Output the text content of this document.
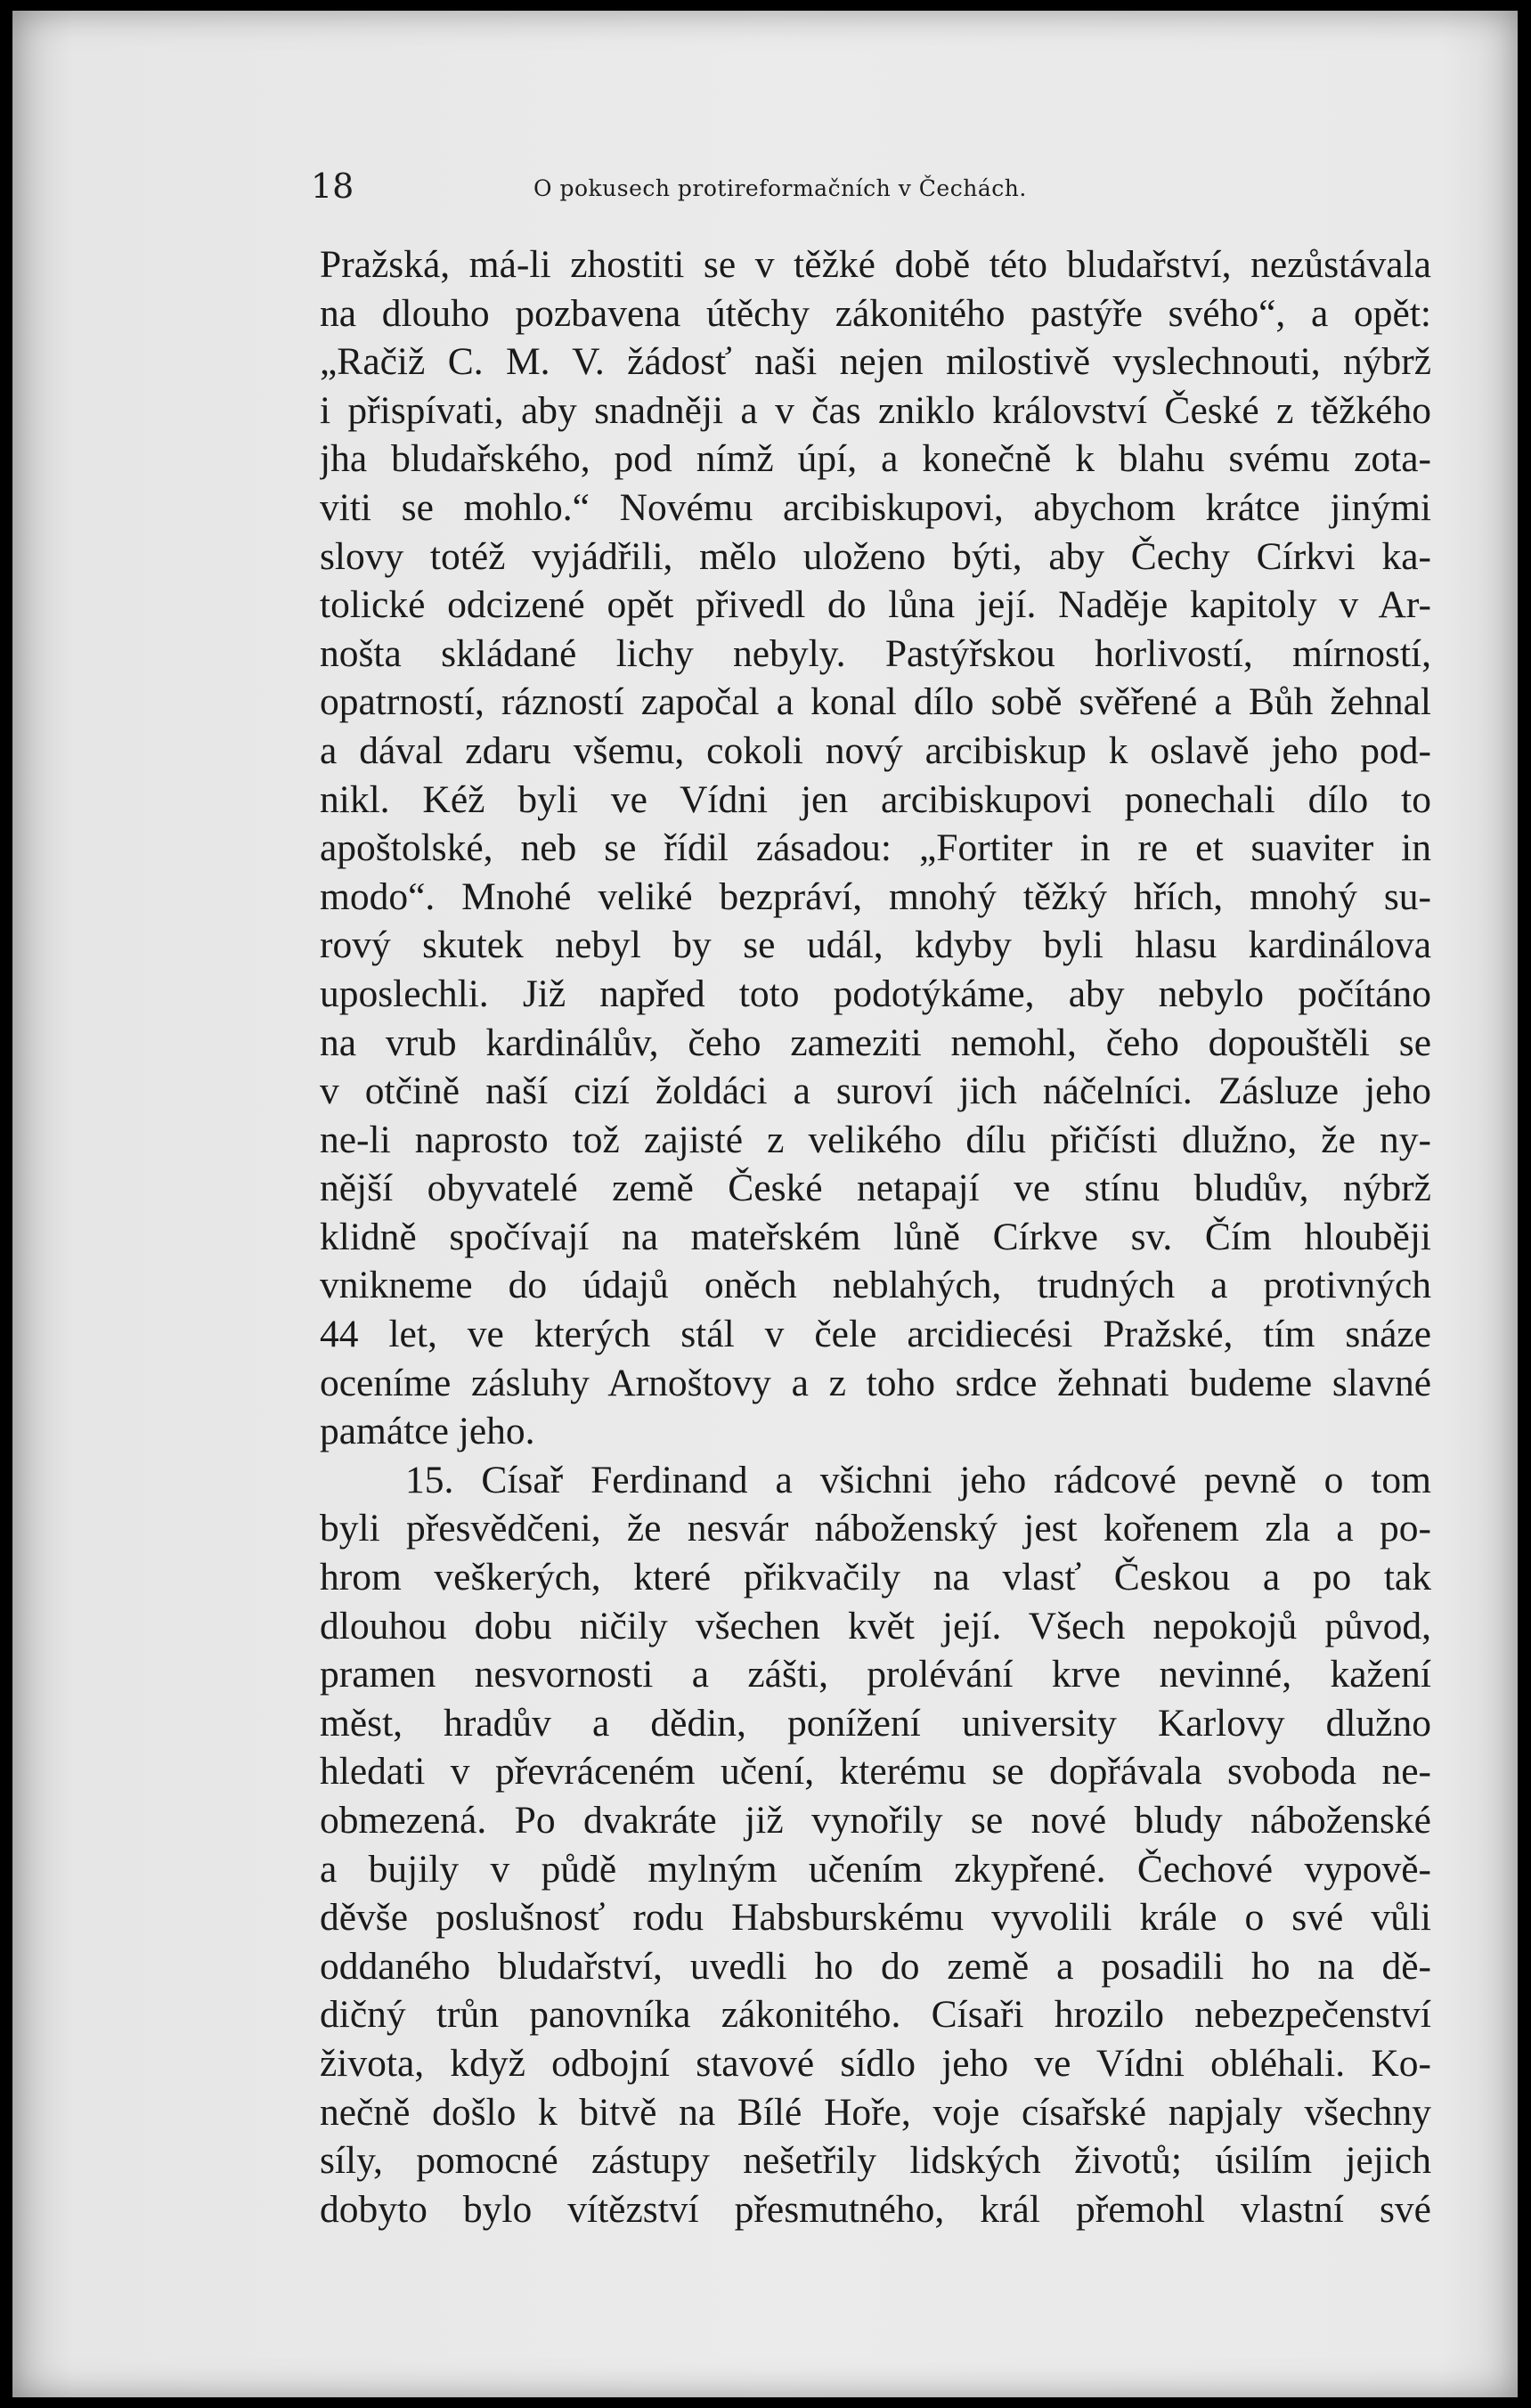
18	O pokusech protireformačních v Čechách.
Pražská, má-li zhostiti se v těžké době této bludařství, nezůstávala
na dlouho pozbavena útěchy zákonitého pastýře svého“, a opět:
„Račiž C. M. V. žádosť naši nejen milostivě vyslechnouti, nýbrž
i přispívati, aby snadněji a v čas zniklo království České z těžkého
jha bludařského, pod nímž úpí, a konečně k blahu svému zota-
viti se mohlo.“ Novému arcibiskupovi, abychom krátce jinými
slovy totéž vyjádřili, mělo uloženo býti, aby Čechy Církvi ka-
tolické odcizené opět přivedl do lůna její. Naděje kapitoly v Ar-
nošta skládané lichy nebyly. Pastýřskou horlivostí, mírností,
opatrností, rázností započal a konal dílo sobě svěřené a Bůh žehnal
a dával zdaru všemu, cokoli nový arcibiskup k oslavě jeho pod-
nikl. Kéž byli ve Vídni jen arcibiskupovi ponechali dílo to
apoštolské, neb se řídil zásadou: „Fortiter in re et suaviter in
modo“. Mnohé veliké bezpráví, mnohý těžký hřích, mnohý su-
rový skutek nebyl by se udál, kdyby byli hlasu kardinálova
uposlechli. Již napřed toto podotýkáme, aby nebylo počítáno
na vrub kardinálův, čeho zameziti nemohl, čeho dopouštěli se
v otčině naší cizí žoldáci a suroví jich náčelníci. Zásluze jeho
ne-li naprosto tož zajisté z velikého dílu přičísti dlužno, že ny-
nější obyvatelé země České netapají ve stínu bludův, nýbrž
klidně spočívají na mateřském lůně Církve sv. Čím hlouběji
vnikneme do údajů oněch neblahých, trudných a protivných
44 let, ve kterých stál v čele arcidiecési Pražské, tím snáze
oceníme zásluhy Arnoštovy a z toho srdce žehnati budeme slavné
památce jeho.
15. Císař Ferdinand a všichni jeho rádcové pevně o tom
byli přesvědčeni, že nesvár náboženský jest kořenem zla a po-
hrom veškerých, které přikvačily na vlasť Českou a po tak
dlouhou dobu ničily všechen květ její. Všech nepokojů původ,
pramen nesvornosti a zášti, prolévání krve nevinné, kažení
měst, hradův a dědin, ponížení university Karlovy dlužno
hledati v převráceném učení, kterému se dopřávala svoboda ne-
obmezená. Po dvakráte již vynořily se nové bludy náboženské
a bujily v půdě mylným učením zkypřené. Čechové vypově-
děvše poslušnosť rodu Habsburskému vyvolili krále o své vůli
oddaného bludařství, uvedli ho do země a posadili ho na dě-
dičný trůn panovníka zákonitého. Císaři hrozilo nebezpečenství
života, když odbojní stavové sídlo jeho ve Vídni obléhali. Ko-
nečně došlo k bitvě na Bílé Hoře, voje císařské napjaly všechny
síly, pomocné zástupy nešetřily lidských životů; úsilím jejich
dobyto bylo vítězství přesmutného, král přemohl vlastní své
